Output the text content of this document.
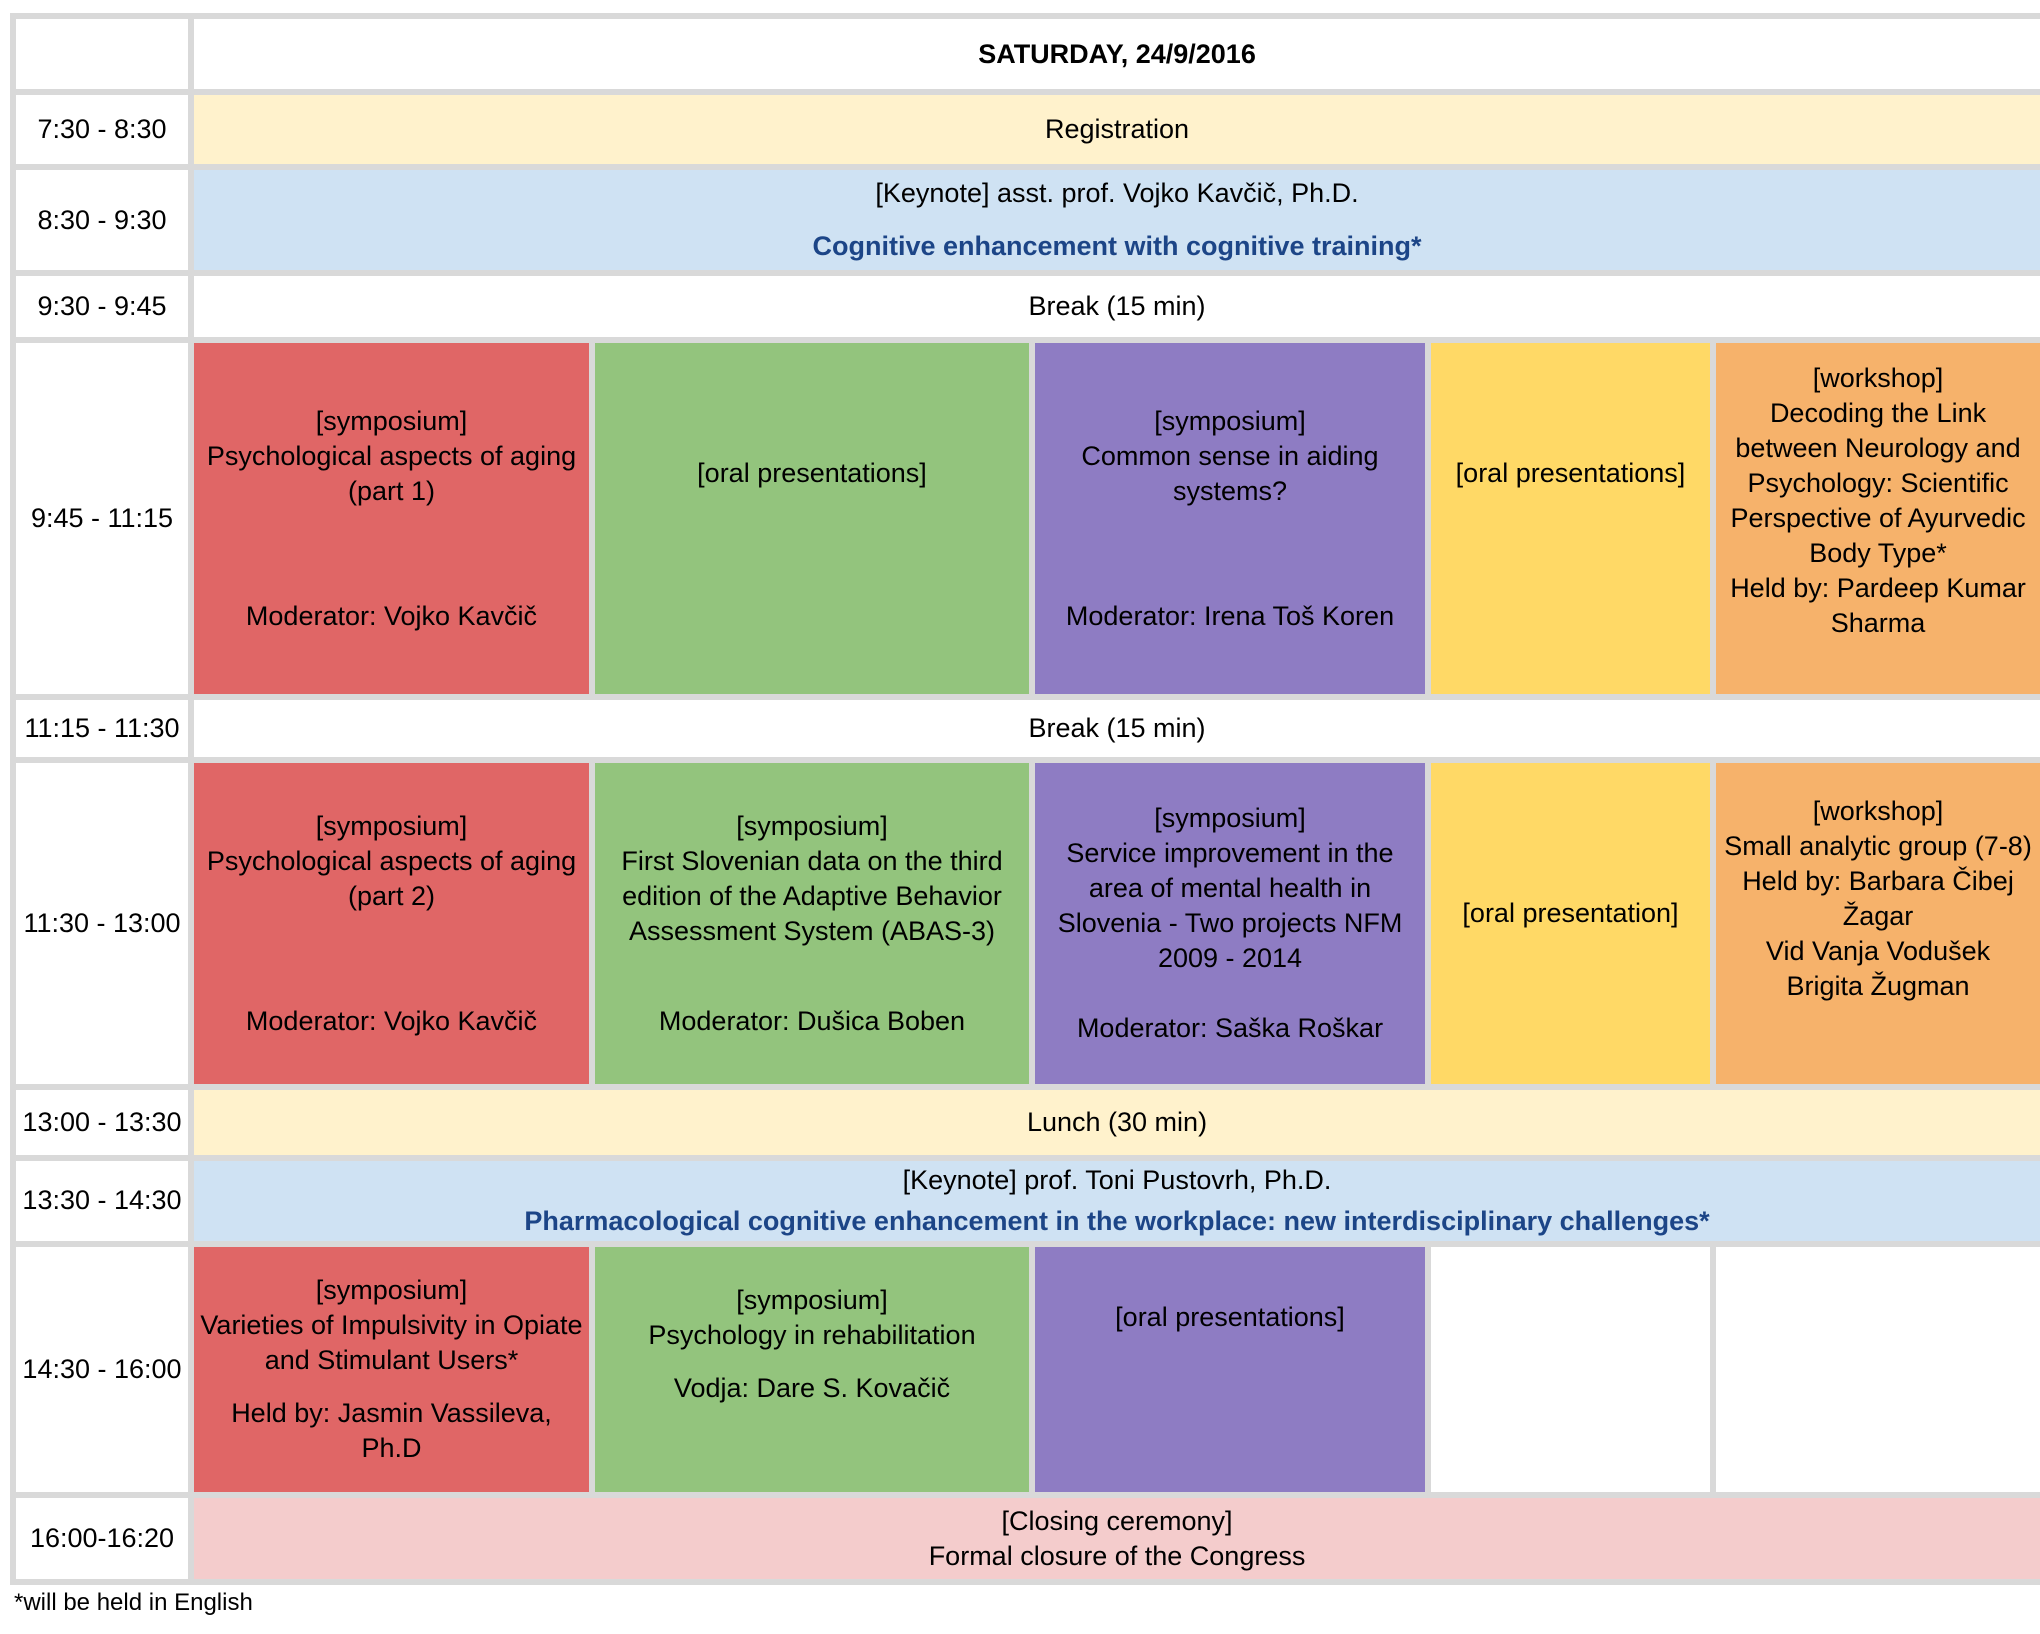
	SATURDAY, 24/9/2016				
7:30 - 8:30	Registration				
8:30 - 9:30	[Keynote] asst. prof. Vojko Kavčič, Ph.D.
Cognitive enhancement with cognitive training*				

9:30 - 9:45	Break (15 min)				
9:45 - 11:15	[symposium]
Psychological aspects of aging (part 1)
Moderator: Vojko Kavčič	[oral presentations]	[symposium]
Common sense in aiding systems?
Moderator: Irena Toš Koren	[oral presentations]	[workshop]
Decoding the Link between Neurology and Psychology: Scientific Perspective of Ayurvedic Body Type*
Held by: Pardeep Kumar Sharma

11:15 - 11:30	Break (15 min)				
11:30 - 13:00	[symposium]
Psychological aspects of aging (part 2)
Moderator: Vojko Kavčič	[symposium]
First Slovenian data on the third edition of the Adaptive Behavior Assessment System (ABAS-3)
Moderator: Dušica Boben	[symposium]
Service improvement in the area of mental health in Slovenia - Two projects NFM 2009 - 2014
Moderator: Saška Roškar	[oral presentation]	[workshop]
Small analytic group (7-8)
Held by: Barbara Čibej Žagar
Vid Vanja Vodušek
Brigita Žugman

13:00 - 13:30	Lunch (30 min)				
13:30 - 14:30	[Keynote] prof. Toni Pustovrh, Ph.D.
Pharmacological cognitive enhancement in the workplace: new interdisciplinary challenges*				

14:30 - 16:00	[symposium]
Varieties of Impulsivity in Opiate and Stimulant Users*
Held by: Jasmin Vassileva, Ph.D	[symposium]
Psychology in rehabilitation
Vodja: Dare S. Kovačič	[oral presentations]		

16:00-16:20	[Closing ceremony]
Formal closure of the Congress				
*will be held in English
